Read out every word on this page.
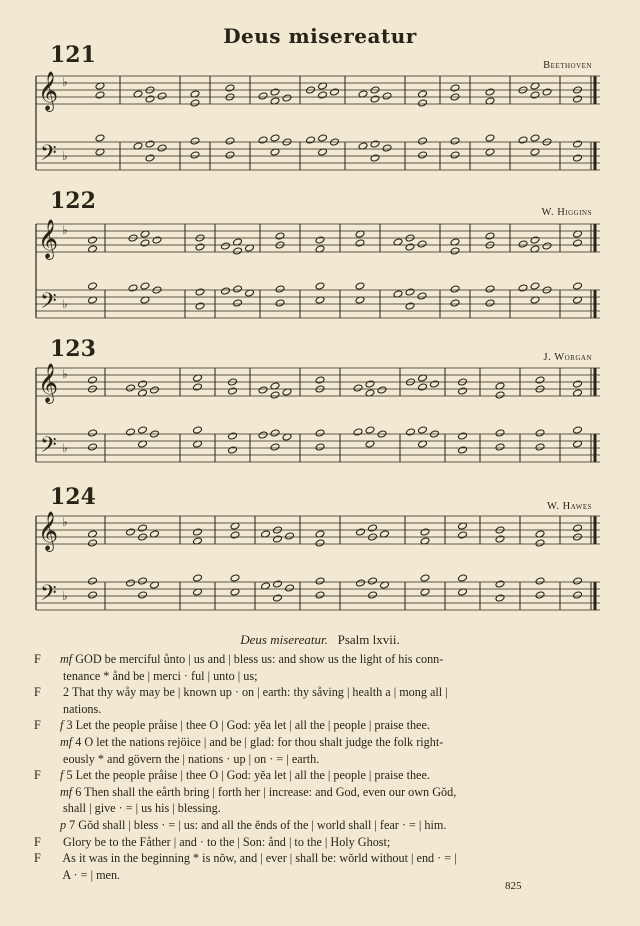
Deus misereatur
121	Beethoven
122	W. Higgins
123	J. Worgan
124	W. Hawes
𝄞
𝄢
♭
♭
𝄞
𝄢
♭
♭
𝄞
𝄢
♭
♭
𝄞
𝄢
♭
♭
Deus misereatur. Psalm lxvii.
F mf GOD be merciful ůnto | us and | bless us: and show us the light of his conn-
tenance * ånd be | merci · ful | unto | us;
F 2 That thy wåy may be | known up · on | earth: thy såving | health a | mong all |
nations.
F f 3 Let the people pråise | thee O | God: yěa let | all the | people | praise thee.
mf 4 O let the nations rejöice | and be | glad: for thou shalt judge the folk right-
eously * and gövern the | nations · up | on · = | earth.
F f 5 Let the people pråise | thee O | God: yěa let | all the | people | praise thee.
mf 6 Then shall the eårth bring | forth her | increase: and God, even our own Gŏd,
shall | give · = | us his | blessing.
p 7 Gŏd shall | bless · = | us: and all the ěnds of the | world shall | fear · = | him.
F Glory be to the Fåther | and · to the | Son: ånd | to the | Holy Ghost;
F As it was in the beginning * is nǒw, and | ever | shall be: wǒrld without | end · = |
A · = | men.
825
